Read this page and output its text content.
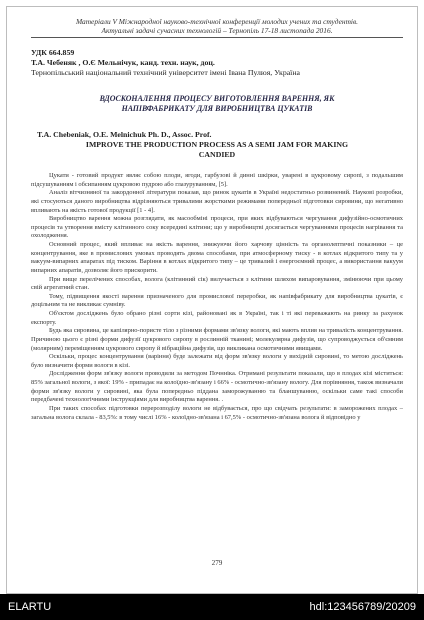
Матеріали V Міжнародної науково-технічної конференції молодих учених та студентів.
Актуальні задачі сучасних технологій – Тернопіль 17-18 листопада 2016.
УДК 664.859
Т.А. Чебеняк , О.Є Мельнічук, канд. техн. наук, доц.
Тернопільський національний технічний університет імені Івана Пулюя, Україна
ВДОСКОНАЛЕННЯ ПРОЦЕСУ ВИГОТОВЛЕННЯ ВАРЕННЯ, ЯК
НАПІВФАБРИКАТУ ДЛЯ ВИРОБНИЦТВА ЦУКАТІВ
T.A. Chebeniak, O.E. Melnichuk Ph. D., Assoc. Prof.
IMPROVE THE PRODUCTION PROCESS AS A SEMI JAM FOR MAKING
CANDIED

Цукати - готовий продукт являє собою плоди, ягоди, гарбузові й динні шкірки, уварені в цукровому сиропі, з подальшим підсушуванням і обсипанням цукровою пудрою або глазуруванням, [5].

Аналіз вітчизняної та закордонної літератури показав, що ринок цукатів в Україні недостатньо розвинений. Наукові розробки, які стосуються даного виробництва відрізняються тривалими жорсткими режимами попередньої підготовки сировини, що негативно впливають на якість готової продукції [1 - 4].

Виробництво варення можна розглядати, як масообміні процеси, при яких відбуваються чергування дифузійно-осмотичних процесів та утворення вмісту клітинного соку всередині клітини; що у виробництві досягається чергуваннями процесів нагрівання та охолодження.

Основний процес, який впливає на якість варення, знижуючи його харчову цінність та органолептичні показники – це концентрування, яке в промислових умовах проводять двома способами, при атмосферному тиску - в котлах відкритого типу та у вакуум-випарних апаратах під тиском. Варіння в котлах відкритого типу – це тривалий і енергоємний процес, а використання вакуум випарних апаратів, дозволяє його прискорити.

При вище перелічених способах, волога (клітинний сік) вилучається з клітини шляхом випаровування, змінюючи при цьому свій агрегатний стан.

Тому, підвищення якості варення призначеного для промислової переробки, як напівфабрикату для виробництва цукатів, є доцільним та не викликає сумніву.

Об'єктом досліджень було обрано різні сорти кізі, районовані як в Україні, так і ті які переважають на ринку за рахунок експорту.

Будь яка сировина, це капілярно-пористе тіло з різними формами зв'язку вологи, які мають вплив на тривалість концентрування. Причиною цього є різні форми дифузії цукрового сиропу в рослинній тканині; молекулярна дифузія, що супроводжується об'ємним (молярним) переміщенням цукрового сиропу й вібраційна дифузія, що викликана осмотичними явищами.

Оскільки, процес концентрування (варіння) буде залежати від форм зв'язку вологи у вихідній сировині, то метою досліджень було визначити форми вологи в кізі.

Дослідження форм зв'язку вологи проводили за методом Почнніка. Отримані результати показали, що в плодах кізі міститься: 85% загальної вологи, з якої: 19% - припадає на колоїдно-зв'язану і 66% - осмотично-зв'язану вологу. Для порівняння, також визначали форми зв'язку вологи у сировині, яка була попередньо піддана заморожуванню та бланшуванню, оскільки саме такі способи передбачені технологічними інструкціями для виробництва варення. .

При таких способах підготовки перерозподілу вологи не відбувається, про що свідчать результати: в заморожених плодах – загальна волога склала - 83,5%: в тому числі 16% - колоїдно-зв'язана і 67,5% - осмотично-зв'язана волога й відповідно у

279
ELARTU	hdl:123456789/20209
